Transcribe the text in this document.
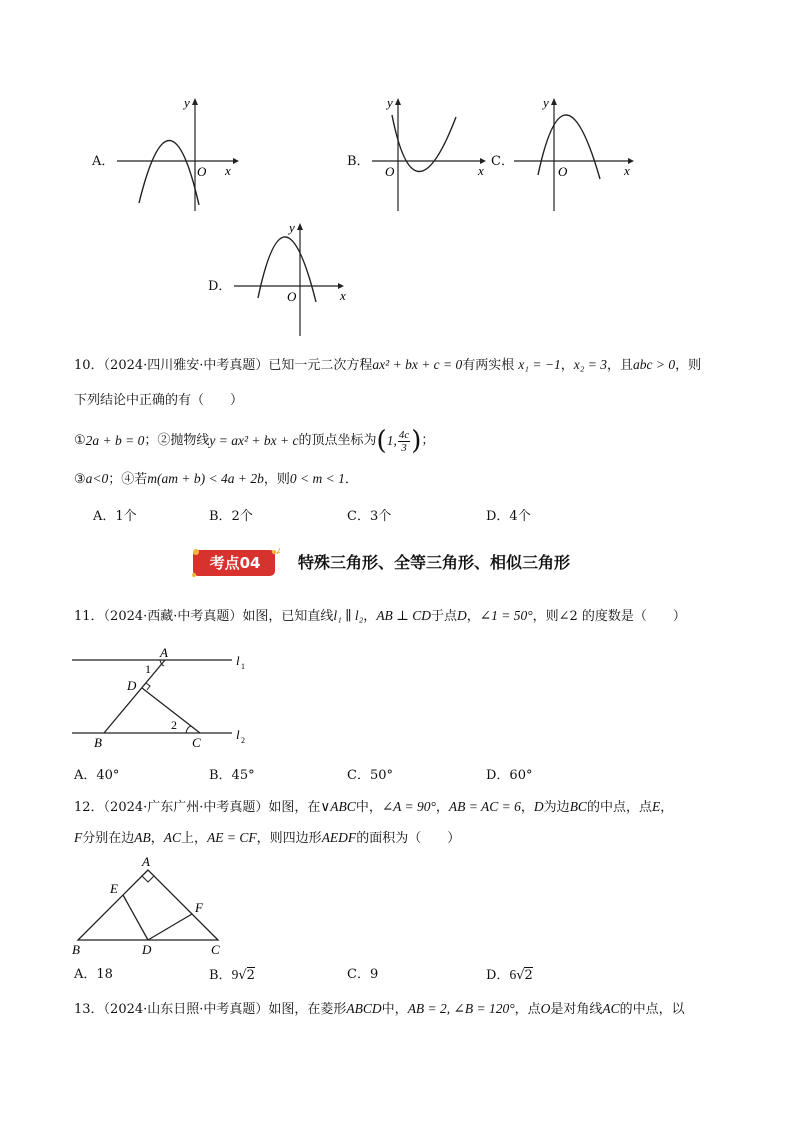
A．
y
O x
B．
y
O	x
C．
y
O	x
D．
y
O	x
10．（2024·四川雅安·中考真题）已知一元二次方程ax² + bx + c = 0有两实根 x₁ = −1，x₂ = 3，且abc > 0，则
下列结论中正确的有（　　）
① 2a + b = 0 ；②抛物线 y = ax² + bx + c 的顶点坐标为 ( 1, $\frac{4c}{3}$ ) ；
③a<0；④若m(am + b) < 4a + 2b，则0 < m < 1．
A．1个	B．2个	C．3个	D．4个
考点04	特殊三角形、全等三角形、相似三角形
11．（2024·西藏·中考真题）如图，已知直线l₁ ∥ l₂，AB ⊥ CD于点D，∠1 = 50°，则∠2 的度数是（　　）
A
1
D
2
B	C
l 1
l 2
A．40°	B．45°	C．50°	D．60°
12．（2024·广东广州·中考真题）如图，在∨ABC中，∠A = 90°，AB = AC = 6，D为边BC的中点，点E，
F分别在边AB，AC上，AE = CF，则四边形AEDF的面积为（　　）
A
E
F
B	D	C
A．18	B．9√2	C．9	D．6√2
13．（2024·山东日照·中考真题）如图，在菱形ABCD中，AB = 2, ∠B = 120°，点O是对角线AC的中点，以
